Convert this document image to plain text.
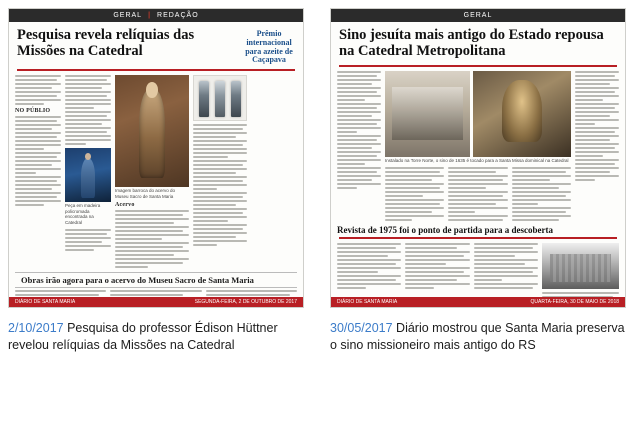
GERAL | REDAÇÃO
Pesquisa revela relíquias das Missões na Catedral
Prêmio internacional para azeite de Caçapava
NO PÚBLIO
Peça em madeira policromada encontrada na Catedral
Imagem barroca do acervo do Museu Sacro de Santa Maria
Acervo
Obras irão agora para o acervo do Museu Sacro de Santa Maria
DIÁRIO DE SANTA MARIA	SEGUNDA-FEIRA, 2 DE OUTUBRO DE 2017
GERAL
Sino jesuíta mais antigo do Estado repousa na Catedral Metropolitana
Instalado na Torre Norte, o sino de 1635 é tocado para a Santa Missa dominical na Catedral
Revista de 1975 foi o ponto de partida para a descoberta
DIÁRIO DE SANTA MARIA	QUARTA-FEIRA, 30 DE MAIO DE 2018
2/10/2017 Pesquisa do professor Édison Hüttner revelou relíquias da Missões na Catedral
30/05/2017 Diário mostrou que Santa Maria preserva o sino missioneiro mais antigo do RS
